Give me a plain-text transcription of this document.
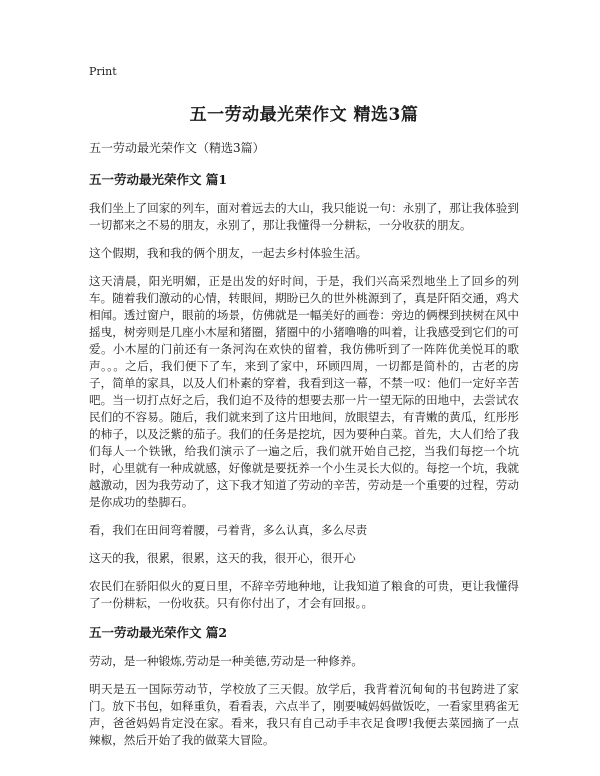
Print
五一劳动最光荣作文 精选3篇
五一劳动最光荣作文（精选3篇）
五一劳动最光荣作文 篇1

我们坐上了回家的列车，面对着远去的大山，我只能说一句：永别了，那让我体验到一切都来之不易的朋友，永别了，那让我懂得一分耕耘，一分收获的朋友。

这个假期，我和我的俩个朋友，一起去乡村体验生活。

这天清晨，阳光明媚，正是出发的好时间，于是，我们兴高采烈地坐上了回乡的列车。随着我们激动的心情，转眼间，期盼已久的世外桃源到了，真是阡陌交通，鸡犬相闻。透过窗户，眼前的场景，仿佛就是一幅美好的画卷：旁边的俩棵到挟树在风中摇曳，树旁则是几座小木屋和猪圈，猪圈中的小猪噜噜的叫着，让我感受到它们的可爱。小木屋的门前还有一条河沟在欢快的留着，我仿佛听到了一阵阵优美悦耳的歌声。。。之后，我们便下了车，来到了家中，环顾四周，一切都是简朴的，古老的房子，简单的家具，以及人们朴素的穿着，我看到这一幕，不禁一叹：他们一定好辛苦吧。当一切打点好之后，我们迫不及待的想要去那一片一望无际的田地中，去尝试农民们的不容易。随后，我们就来到了这片田地间，放眼望去，有青嫩的黄瓜，红彤彤的柿子，以及泛紫的茄子。我们的任务是挖坑，因为要种白菜。首先，大人们给了我们每人一个铁锹，给我们演示了一遍之后，我们就开始自己挖，当我们每挖一个坑时，心里就有一种成就感，好像就是要抚养一个小生灵长大似的。每挖一个坑，我就越激动，因为我劳动了，这下我才知道了劳动的辛苦，劳动是一个重要的过程，劳动是你成功的垫脚石。

看，我们在田间弯着腰，弓着背，多么认真，多么尽责

这天的我，很累，很累，这天的我，很开心，很开心

农民们在骄阳似火的夏日里，不辞辛劳地种地，让我知道了粮食的可贵，更让我懂得了一份耕耘，一份收获。只有你付出了，才会有回报。。

五一劳动最光荣作文 篇2

劳动，是一种锻炼,劳动是一种美德,劳动是一种修养。

明天是五一国际劳动节，学校放了三天假。放学后，我背着沉甸甸的书包跨进了家门。放下书包，如释重负，看看表，六点半了，刚要喊妈妈做饭吃，一看家里鸦雀无声，爸爸妈妈肯定没在家。看来，我只有自己动手丰衣足食啰!我便去菜园摘了一点辣椒，然后开始了我的做菜大冒险。
